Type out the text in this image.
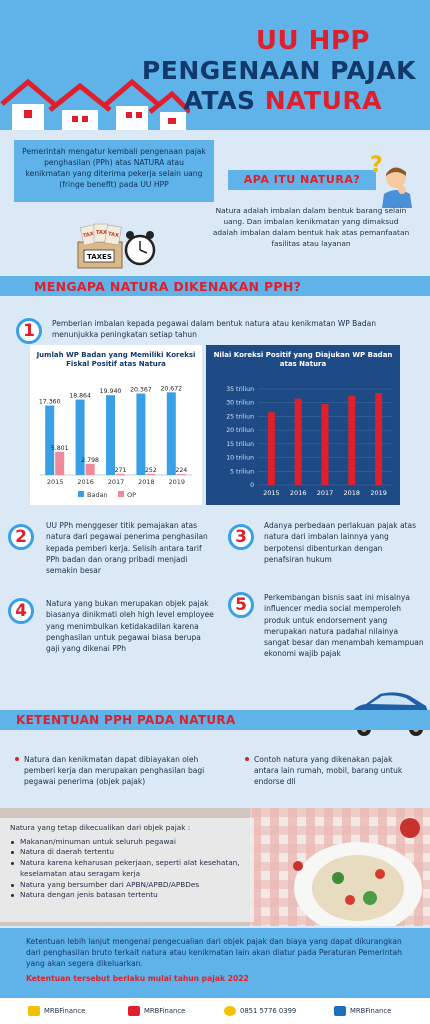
UU HPP
PENGENAAN PAJAK
ATAS NATURA
Pemerintah mengatur kembali pengenaan pajak penghasilan (PPh) atas NATURA atau kenikmatan yang diterima pekerja selain uang (fringe benefit) pada UU HPP	APA ITU NATURA?
?
Natura adalah imbalan dalam bentuk barang selain uang. Dan imbalan kenikmatan yang dimaksud adalah imbalan dalam bentuk hak atas pemanfaatan fasilitas atau layanan
TAX TAX TAX
TAXES
MENGAPA NATURA DIKENAKAN PPH?
1	Pemberian imbalan kepada pegawai dalam bentuk natura atau kenikmatan WP Badan menunjukka peningkatan setiap tahun
Jumlah WP Badan yang Memiliki Koreksi Fiskal Positif atas Natura
17.360
5.801
2015
18.864
2.798
2016
19.940
271
2017
20.367
252
2018
20.672
224
2019
Badan	OP
Nilai Koreksi Positif yang Diajukan WP Badan atas Natura
0
5 triliun
10 triliun
15 triliun
20 triliun
25 triliun
30 triliun
35 triliun
2015 2016 2017 2018 2019
2
UU PPh menggeser titik pemajakan atas natura dari pegawai penerima penghasilan kepada pemberi kerja. Selisih antara tarif PPh badan dan orang pribadi menjadi semakin besar
3
Adanya perbedaan perlakuan pajak atas natura dari imbalan lainnya yang berpotensi dibenturkan dengan penafsiran hukum
4	Natura yang bukan merupakan objek pajak biasanya dinikmati oleh high level employee yang menimbulkan ketidakadilan karena penghasilan untuk pegawai biasa berupa gaji yang dikenai PPh
5	Perkembangan bisnis saat ini misalnya influencer media social memperoleh produk untuk endorsement yang merupakan natura padahal nilainya sangat besar dan menambah kemampuan ekonomi wajib pajak
KETENTUAN PPH PADA NATURA
Natura dan kenikmatan dapat dibiayakan oleh pemberi kerja dan merupakan penghasilan bagi pegawai penerima (objek pajak)
Contoh natura yang dikenakan pajak antara lain rumah, mobil, barang untuk endorse dll
Natura yang tetap dikecualikan dari objek pajak :
Makanan/minuman untuk seluruh pegawai
Natura di daerah tertentu
Natura karena keharusan pekerjaan, seperti alat kesehatan, keselamatan atau seragam kerja
Natura yang bersumber dari APBN/APBD/APBDes
Natura dengan jenis batasan tertentu
Ketentuan lebih lanjut mengenai pengecualian dari objek pajak dan biaya yang dapat dikurangkan dari penghasilan bruto terkait natura atau kenikmatan lain akan diatur pada Peraturan Pemerintah yang akan segera dikeluarkan.
Ketentuan tersebut berlaku mulai tahun pajak 2022
MRBFinance	MRBFinance	0851 5776 0399	MRBFinance
